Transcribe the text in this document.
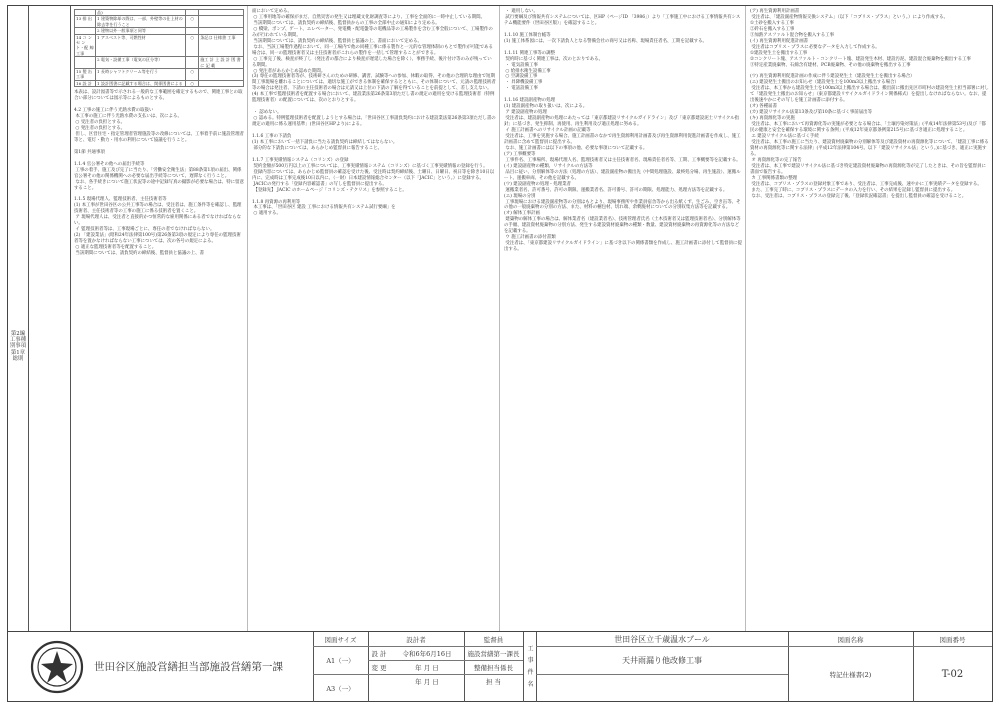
第2編
工事種別事項
第1章
総則
	品)		
13 排 出	1 建築物除却の際は、一部、外壁等の仕上材の除去等を行うこと	○	
	2 建物以外一般事項と同等		
14 コ ン セ ン ト・配 線 工事	1 アスベスト等、可燃性材	○	条記は 仕様書 工事
	2 電気・設備工事（電気の区分等）		施工 計 上 設 計 図 書 に 記 載
15 製 缶 工事	1 長時シャフトクリーム等を行う	○	
16 設 計	1 設計図書に記載する場合は、関係図書による	○	

本表は、設計図書等で示される一般的な工事範囲を確定するもので、関連工事との取合い部分については図示等によるものとする。

4.2 工事の施工に伴う光熱水費の取扱い
本工事の施工に伴う光熱水費の支払いは、次による。
○ 受注者の負担とする。
○ 発注者の負担とする。
但し、区営住宅・指定管理者管理施設等の改修については、工事着手前に施設管理者等と、電灯・動力・用水の利用について協議を行うこと。

第1節 共通事項

1.1.4 官公署その他への届出手続等
工事の着手、施工及び完了に当たり、「労働安全衛生法」第88条第1項の届出、関係官公署その他の関係機関への必要な届出手続等について、遅滞なく行うこと。
なお、各手続きについて施工状況等の途中記録写真の撮影が必要な場合は、特に留意すること。

1.1.5 現場代理人、監理技術者、主任技術者等
(1) 本工事が世田谷区の公共工事等の場合は、受注者は、施工条件等を確認し、監理技術者、主任技術者等の工事の施工に係る技術者を置くこと。
ア 現場代理人は、受注者と直接的かつ恒常的な雇用関係にある者でなければならない。
イ 監理技術者等は、工事現場ごとに、専任の者でなければならない。
(2) 「建設業法」(昭和24年法律第100号)第26条第3項の規定により専任の監理技術者等を置かなければならない工事については、次の各号の規定による。
○ 適正な監理技術者等を配置すること。
当該期間については、請負契約の締結後、監督員と協議の上、書

面において定める。
○ 工事用地等の確保がまだ、自然災害の発生又は埋蔵文化財調査等により、工事を全面的に一時中止している期間。
当該期間については、請負契約の締結後、監督員からの工事の全部中止の通知により定める。
○ 橋梁、ポンプ、ゲート、エレベーター、発電機・配電盤等の電機品等の工場製作を含む工事全般について、工場製作のみが行われている期間。
当該期間については、請負契約の締結後、監督員と協議の上、書面において定める。
なお、当該工場製作過程において、同一工場内で他の同種工事に係る製作と一元的な管理体制のもとで製作が可能である場合は、同一の監理技術者又は主任技術者がこれらの製作を一括して管理することができる。
○ 工事完了後、検査が終了し（発注者の都合により検査が遅延した場合を除く）、事務手続、後片付け等のみが残っている期間。
○ 発注者があらかじめ認めた期間。
(3) 専任の監理技術者等が、技術研さんのための研修、講習、試験等への参加、休暇の取得、その他の合理的な理由で短期間工事現場を離れることについては、適切な施工ができる体制を確保するとともに、その体制について、元請の監理技術者等の場合は発注者、下請の主任技術者の場合は元請又は上位の下請の了解を得ていることを前提として、差し支えない。
(4) 本工事で監理技術者を配置する場合において、建設業法第26条第3項ただし書の規定の適用を受ける監理技術者（特例監理技術者）の配置については、次のとおりとする。

・ 認めない。
○ 認める。特例監理技術者を配置しようとする場合は、「世田谷区工事請負契約における建設業法第26条第3項ただし書の規定の適用に係る運用基準」(世田谷区HPより)による。

1.1.6 工事の下請負
(1) 本工事において一括下請負に当たる請負契約は締結してはならない。
部分的な下請負については、あらかじめ監督員に報告すること。

1.1.7 工事実績情報システム（コリンズ）の登録
契約金額が500万円以上の工事については、工事実績情報システム（コリンズ）に基づく工事実績情報の登録を行う。
登録内容については、あらかじめ監督員の確認を受けた後、受注時は契約締結後、土曜日、日曜日、祝日等を除き10日以内に、完成時は工事完成後10日以内に、（一財）日本建設情報総合センター（以下「JACIC」という。）に登録する。
JACICの発行する「登録内容確認書」の写しを監督員に提出する。
【登録先】 JACIC のホームページ「コリンズ・テクリス」を参照すること。

1.1.8 再資源の再利用等
本工事は、「世田谷区 建設 工事における情報共有システム試行要綱」を
○ 適用する。

・ 適用しない。
試行要綱及び情報共有システムについては、区HP（ページID 「3986」）より「工事施工中における工事情報共有システム機能要件（世田谷区版）」を確認すること。

1.1.10 施工体制台帳等
(1) 施工体系図には、一次下請負人となる警備会社の商号又は名称、現場責任者名、工期を記載する。

1.1.11 関連工事等の調整
契約時に基づく関連工事は、次のとおりである。
・ 電気設備工事
○ 給排水衛生設備工事
○ 空調設備工事
・ 昇降機設備工事
・ 電話設備工事

1.1.16 建設副産物の処理
(1) 建設副産物の取り扱いは、次による。
ア 建設副産物の処理
受注者は、建設副産物の処理にあたっては「東京都建設リサイクルガイドライン」及び「東京都建設泥土リサイクル指針」に基づき、発生抑制、再使用、再生利用及び適正処理に努める。
イ 施工計画書へのリサイクル計画の記載等
受注者は、工事を実施する場合、施工計画書のなかで再生資源利用計画書及び再生資源利用促進計画書を作成し、施工計画書に含めて監督員に提出する。
なお、施工計画書には以下の事項の他、必要な事項について記載する。
(ア) 工事概要等
工事件名、工事場所、現場代理人名、監理技術者又は主任技術者名、現場責任者名等、工期、工事概要等を記載する。
(イ) 建設副産物の種類、リサイクルの方法等
品目に従い、分別解体等の方法（処理の方法）、建設副産物の搬出先（中間処理施設、最終処分場、再生施設）、運搬ルート、運搬車両、その他を記載する。
(ウ) 建設副産物の処理・処理業者
運搬業者名、許可番号、許可の期限、運搬業者名、許可番号、許可の期限、処理能力、処理方法等を記載する。
(エ) 現場の分別
工事現場における建設副産物等の分別はもとより、現場事務所や作業員宿舎等から出る紙くず、生ごみ、空き缶等、その他の一般廃棄物の分別の方法、また、材料の梱包材、切れ端、余剰廃材についての分別収集方法等を記載する。
(オ) 解体工事計画
建築物の解体工事の場合は、解体業者名（建設業者名）、技術管理者氏名（土木技術者又は監理技術者名）、分別解体等の手順、建設資材廃棄物の分別方法、発生する建設資材廃棄物の種類・数量、建設資材廃棄物の再資源化等の方法などを記載する。
ウ 施工計画書の添付書類
受注者は、「東京都建設リサイクルガイドライン」に基づき以下の関係書類を作成し、施工計画書に添付して監督員に提出する。

(ア) 再生資源利用計画書
受注者は、「建設副産物情報交換システム」（以下「コブリス・プラス」という。）により作成する。
①土砂を搬入する工事
②砕石を搬入する工事
③加熱アスファルト混合物を搬入する工事
(イ) 再生資源利用促進計画書
受注者はコブリス・プラスに必要なデータを入力して作成する。
①建設発生土を搬出する工事
②コンクリート塊、アスファルト・コンクリート塊、建設発生木材、建設汚泥、建設混合廃棄物を搬出する工事
③特定産業廃棄物、石綿含有建材、PCB廃棄物、その他の廃棄物を搬出する工事

(ウ) 再生資源利用促進計画の作成に伴う建設発生土（建設発生土を搬出する場合）
(エ) 建設発生土搬出のお知らせ（建設発生土を100m3以上搬出する場合）
受注者は、本工事から建設発生土を100m3以上搬出する場合は、搬出前に搬出先区市町村の建設発生土担当部署に対して「建設発生土搬出のお知らせ」（東京都建設リサイクルガイドライン関係様式）を提出しなければならない。なお、提出後速やかにその写しを施工計画書に添付する。
(オ) 各種届書
(カ) 建設リサイクル法第13条及び第10条に基づく事前届出等
(キ) 再資源化等の実施
受注者は、本工事において再資源化等の実施が必要となる場合は、「土壌汚染対策法」(平成14年法律第53号)及び「都民の健康と安全を確保する環境に関する条例」(平成12年東京都条例第215号)に基づき適正に処理すること。
エ 建設リサイクル法に基づく手続
受注者は、本工事の施工に当たり、建設資材廃棄物の分別解体等及び建設資材の再資源化等について、「建設工事に係る資材の再資源化等に関する法律」(平成12年法律第104号。以下「建設リサイクル法」という。)に基づき、適正に実施する。
オ 再資源化等の完了報告
受注者は、本工事で建設リサイクル法に基づき特定建設資材廃棄物の再資源化等が完了したときは、その旨を監督員に書面で報告する。
カ 工事関係書類の整理
受注者は、コブリス・プラスの登録対象工事であり、受注者は、工事完成後、速やかに工事実績データを登録する。
また、工事完了時に、コブリス・プラスにデータの入力を行い、その結果を記録し監督員に提出する。
なお、受注者は、コブリス・プラスの登録完了後、「登録状況確認書」を提出し監督員の確認を受けること。

世田谷区施設営繕担当部施設営繕第一課
図面サイズ	設計者	監督員
A1（一）
A3（一）
設 計	令和6年6月16日	施設営繕第一課長
変 更	年 月 日	整備担当係長
年 月 日	担 当	工 事 件 名
世田谷区立千歳温水プール
天井雨漏り他改修工事
図面名称
特記仕様書(2)
図面番号
T-02
